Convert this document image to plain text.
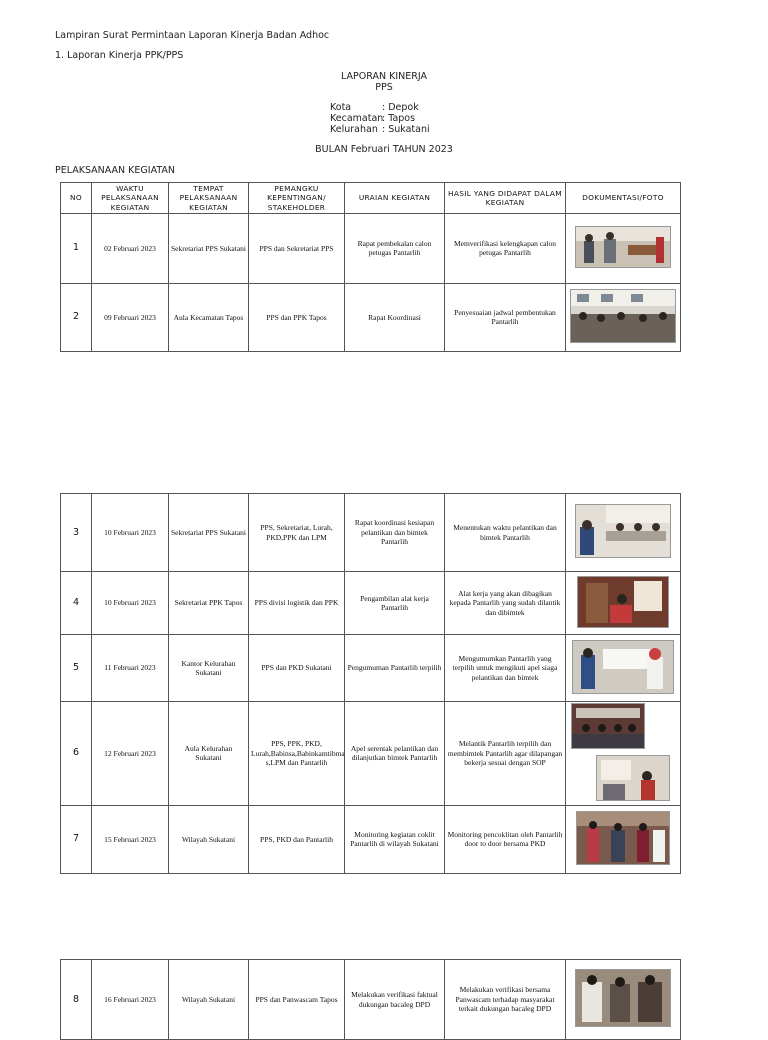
Lampiran Surat Permintaan Laporan Kinerja Badan Adhoc
1. Laporan Kinerja PPK/PPS
LAPORAN KINERJA
PPS
Kota	: Depok
Kecamatan: Tapos
Kelurahan : Sukatani
BULAN Februari TAHUN 2023
PELAKSANAAN KEGIATAN
NO	WAKTU PELAKSANAAN KEGIATAN	TEMPAT PELAKSANAAN KEGIATAN	PEMANGKU KEPENTINGAN/ STAKEHOLDER	URAIAN KEGIATAN	HASIL YANG DIDAPAT DALAM KEGIATAN	DOKUMENTASI/FOTO
1	02 Februari 2023	Sekretariat PPS Sukatani	PPS dan Sekretariat PPS	Rapat pembekalan calon petugas Pantarlih	Memverifikasi kelengkapan calon petugas Pantarlih	

2	09 Februari 2023	Aula Kecamatan Tapos	PPS dan PPK Tapos	Rapat Koordinasi	Penyesuaian jadwal pembentukan Pantarlih	
3	10 Februari 2023	Sekretariat PPS Sukatani	PPS, Sekretariat, Lurah, PKD,PPK dan LPM	Rapat koordinasi kesiapan pelantikan dan bimtek Pantarlih	Menentukan waktu pelantikan dan bimtek Pantarlih	

4	10 Februari 2023	Sekretariat PPK Tapos	PPS divisi logistik dan PPK	Pengambilan alat kerja Pantarlih	Alat kerja yang akan dibagikan kepada Pantarlih yang sudah dilantik dan dibimtek	

5	11 Februari 2023	Kantor Kelurahan Sukatani	PPS dan PKD Sukatani	Pengumuman Pantarlih terpilih	Mengumumkan Pantarlih yang terpilih untuk mengikuti apel siaga pelantikan dan bimtek	

6	12 Februari 2023	Aula Kelurahan Sukatani	PPS, PPK, PKD, Lurah,Babinsa,Babinkamtibma s,LPM dan Pantarlih	Apel serentak pelantikan dan dilanjutkan bimtek Pantarlih	Melantik Pantarlih terpilih dan membimtek Pantarlih agar dilapangan bekerja sesuai dengan SOP	

7	15 Februari 2023	Wilayah Sukatani	PPS, PKD dan Pantarlih	Monitoring kegiatan coklit Pantarlih di wilayah Sukatani	Monitoring pencoklitan oleh Pantarlih door to door bersama PKD	
8	16 Februari 2023	Wilayah Sukatani	PPS dan Panwascam Tapos	Melakukan verifikasi faktual dukungan bacaleg DPD	Melakukan verifikasi bersama Panwascam terhadap masyarakat terkait dukungan bacaleg DPD	
